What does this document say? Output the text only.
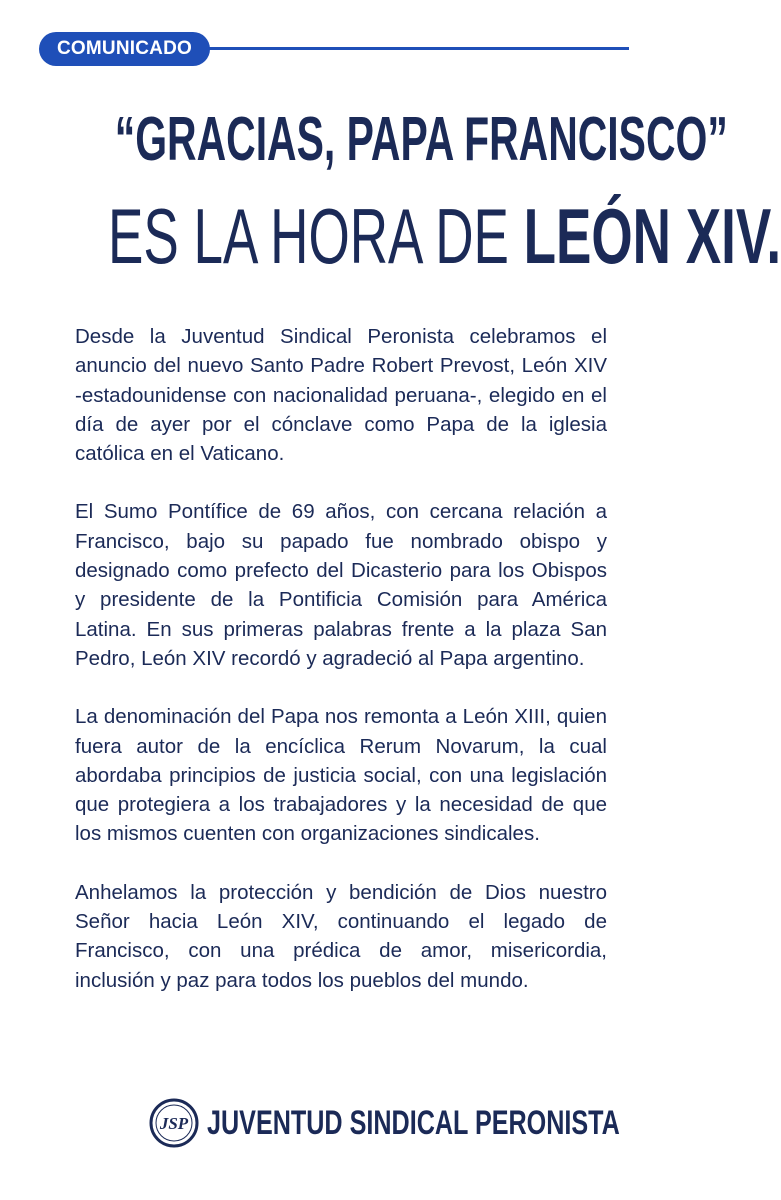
COMUNICADO
“GRACIAS, PAPA FRANCISCO”
ES LA HORA DE LEÓN XIV.

Desde la Juventud Sindical Peronista celebramos el anuncio del nuevo Santo Padre Robert Prevost, León XIV -estadounidense con nacionalidad peruana-, elegido en el día de ayer por el cónclave como Papa de la iglesia católica en el Vaticano.

El Sumo Pontífice de 69 años, con cercana relación a Francisco, bajo su papado fue nombrado obispo y designado como prefecto del Dicasterio para los Obispos y presidente de la Pontificia Comisión para América Latina. En sus primeras palabras frente a la plaza San Pedro, León XIV recordó y agradeció al Papa argentino.

La denominación del Papa nos remonta a León XIII, quien fuera autor de la encíclica Rerum Novarum, la cual abordaba principios de justicia social, con una legislación que protegiera a los trabajadores y la necesidad de que los mismos cuenten con organizaciones sindicales.

Anhelamos la protección y bendición de Dios nuestro Señor hacia León XIV, continuando el legado de Francisco, con una prédica de amor, misericordia, inclusión y paz para todos los pueblos del mundo.

JSP JUVENTUD SINDICAL PERONISTA
